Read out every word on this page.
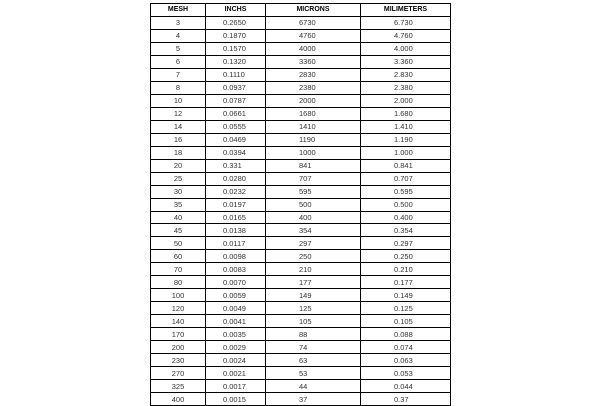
MESH	INCHS	MICRONS	MILIMETERS
3	0.2650	6730	6.730
4	0.1870	4760	4.760
5	0.1570	4000	4.000
6	0.1320	3360	3.360
7	0.1110	2830	2.830
8	0.0937	2380	2.380
10	0.0787	2000	2.000
12	0.0661	1680	1.680
14	0.0555	1410	1.410
16	0.0469	1190	1.190
18	0.0394	1000	1.000
20	0.331	841	0.841
25	0.0280	707	0.707
30	0.0232	595	0.595
35	0.0197	500	0.500
40	0.0165	400	0.400
45	0.0138	354	0.354
50	0.0117	297	0.297
60	0.0098	250	0.250
70	0.0083	210	0.210
80	0.0070	177	0.177
100	0.0059	149	0.149
120	0.0049	125	0.125
140	0.0041	105	0.105
170	0.0035	88	0.088
200	0.0029	74	0.074
230	0.0024	63	0.063
270	0.0021	53	0.053
325	0.0017	44	0.044
400	0.0015	37	0.37
